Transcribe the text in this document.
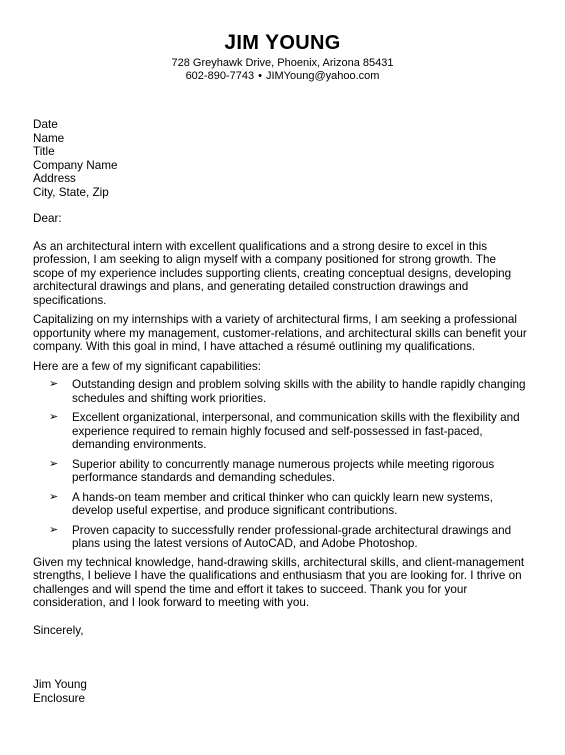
JIM YOUNG
728 Greyhawk Drive, Phoenix, Arizona 85431
602-890-7743 • JIMYoung@yahoo.com
Date
Name
Title
Company Name
Address
City, State, Zip
Dear:

As an architectural intern with excellent qualifications and a strong desire to excel in this
profession, I am seeking to align myself with a company positioned for strong growth. The
scope of my experience includes supporting clients, creating conceptual designs, developing
architectural drawings and plans, and generating detailed construction drawings and
specifications.

Capitalizing on my internships with a variety of architectural firms, I am seeking a professional
opportunity where my management, customer-relations, and architectural skills can benefit your
company. With this goal in mind, I have attached a résumé outlining my qualifications.

Here are a few of my significant capabilities:
➢ Outstanding design and problem solving skills with the ability to handle rapidly changing
schedules and shifting work priorities.
➢ Excellent organizational, interpersonal, and communication skills with the flexibility and
experience required to remain highly focused and self-possessed in fast-paced,
demanding environments.
➢ Superior ability to concurrently manage numerous projects while meeting rigorous
performance standards and demanding schedules.
➢ A hands-on team member and critical thinker who can quickly learn new systems,
develop useful expertise, and produce significant contributions.
➢ Proven capacity to successfully render professional-grade architectural drawings and
plans using the latest versions of AutoCAD, and Adobe Photoshop.

Given my technical knowledge, hand-drawing skills, architectural skills, and client-management
strengths, I believe I have the qualifications and enthusiasm that you are looking for. I thrive on
challenges and will spend the time and effort it takes to succeed. Thank you for your
consideration, and I look forward to meeting with you.

Sincerely,
Jim Young
Enclosure
